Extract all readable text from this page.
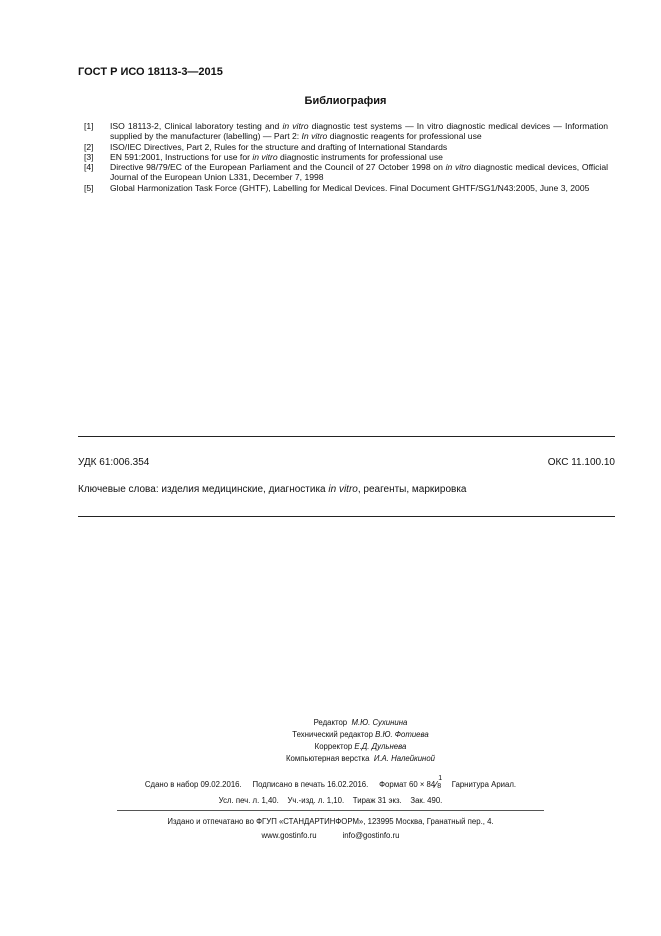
ГОСТ Р ИСО 18113-3—2015
Библиография
[1]	ISO 18113-2, Clinical laboratory testing and in vitro diagnostic test systems — In vitro diagnostic medical devices — Information supplied by the manufacturer (labelling) — Part 2: In vitro diagnostic reagents for professional use
[2]	ISO/IEC Directives, Part 2, Rules for the structure and drafting of International Standards
[3]	EN 591:2001, Instructions for use for in vitro diagnostic instruments for professional use
[4]	Directive 98/79/EC of the European Parliament and the Council of 27 October 1998 on in vitro diagnostic medical devices, Official Journal of the European Union L331, December 7, 1998
[5]	Global Harmonization Task Force (GHTF), Labelling for Medical Devices. Final Document GHTF/SG1/N43:2005, June 3, 2005
УДК 61:006.354	ОКС 11.100.10
Ключевые слова: изделия медицинские, диагностика in vitro, реагенты, маркировка
Редактор М.Ю. Сухинина
Технический редактор В.Ю. Фотиева
Корректор Е.Д. Дульнева
Компьютерная верстка И.А. Налейкиной
Сдано в набор 09.02.2016. Подписано в печать 16.02.2016. Формат 60 × 84
1
⁄ 8 Гарнитура Ариал.
Усл. печ. л. 1,40. Уч.-изд. л. 1,10. Тираж 31 экз. Зак. 490.
Издано и отпечатано во ФГУП «СТАНДАРТИНФОРМ», 123995 Москва, Гранатный пер., 4.
www.gostinfo.ru	info@gostinfo.ru
